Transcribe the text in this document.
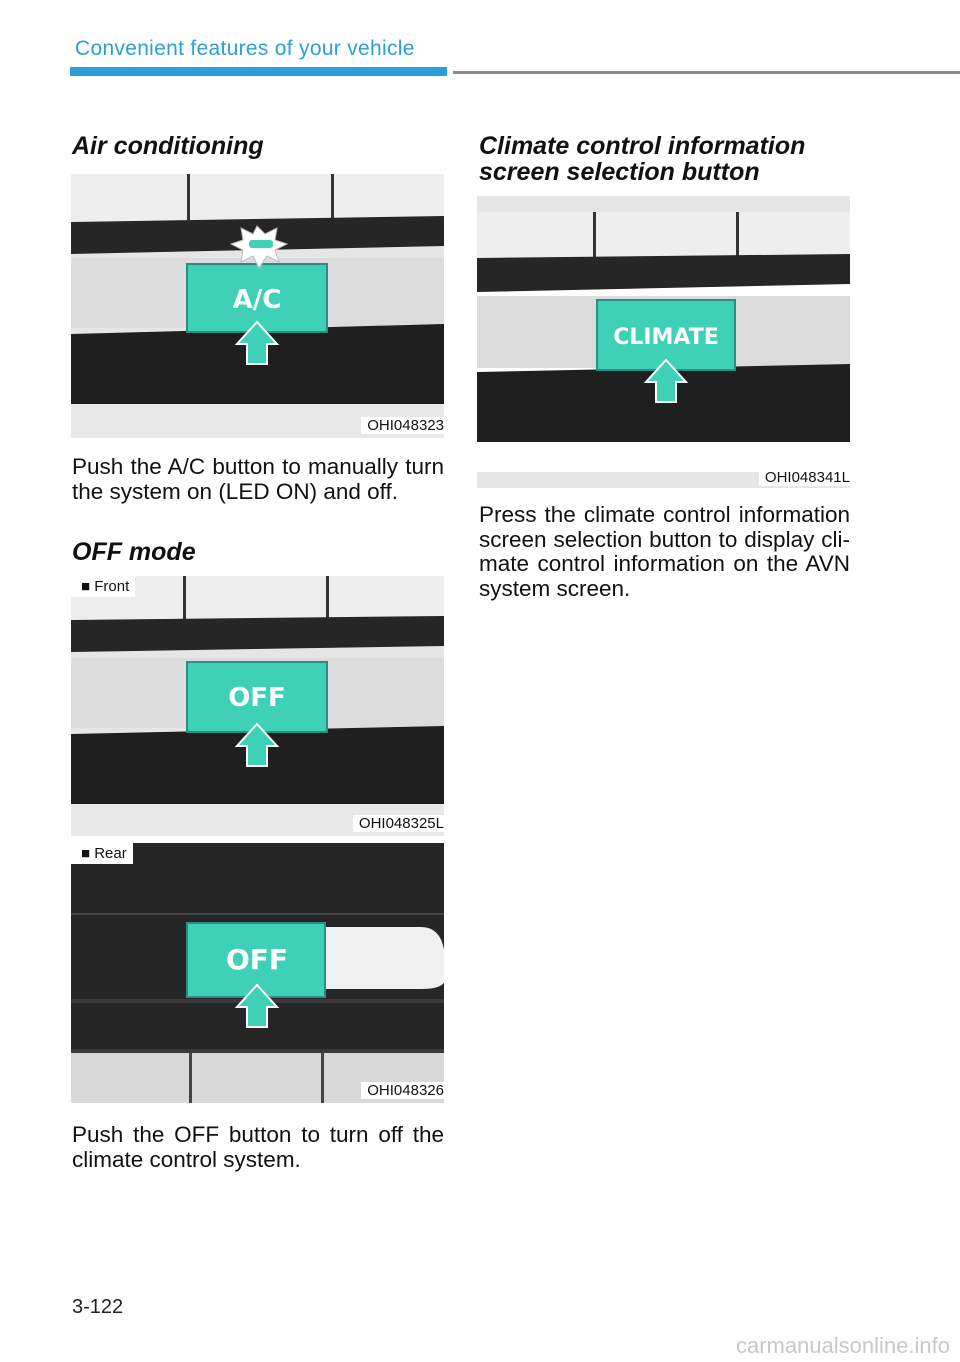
Convenient features of your vehicle
Air conditioning
A/C
OHI048323
Push the A/C button to manually turn the system on (LED ON) and off.
OFF mode
OFF
■ Front
OHI048325L
OFF
■ Rear
OHI048326
Push the OFF button to turn off the climate control system.
Climate control information
screen selection button
CLIMATE
OHI048341L
Press the climate control information screen selection button to display cli-mate control information on the AVN system screen.
3-122
carmanualsonline.info
